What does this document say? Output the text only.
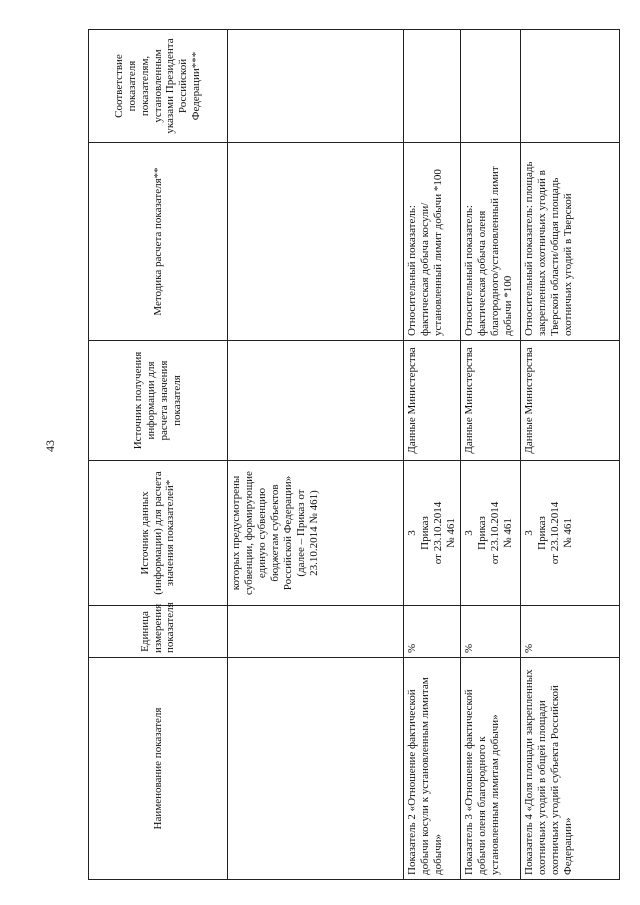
43
Наименование показателя	Единица измерения показателя	Источник данных (информации) для расчета значения показателей*	Источник получения информации для расчета значения показателя	Методика расчета показателя**	Соответствие показателя показателям, установленным указами Президента Российской Федерации***
		которых предусмотрены субвенции, формирующие единую субвенцию бюджетам субъектов Российской Федерации» (далее – Приказ от 23.10.2014 № 461)			
Показатель 2 «Отношение фактической добычи косули к установленным лимитам добычи»	%	3 Приказ от 23.10.2014 № 461	Данные Министерства	Относительный показатель: фактическая добыча косули/ установленный лимит добычи *100	
Показатель 3 «Отношение фактической добычи оленя благородного к установленным лимитам добычи»	%	3 Приказ от 23.10.2014 № 461	Данные Министерства	Относительный показатель: фактическая добыча оленя благородного/установленный лимит добычи *100	
Показатель 4 «Доля площади закрепленных охотничьих угодий в общей площади охотничьих угодий субъекта Российской Федерации»	%	3 Приказ от 23.10.2014 № 461	Данные Министерства	Относительный показатель: площадь закрепленных охотничьих угодий в Тверской области/общая площадь охотничьих угодий в Тверской	
